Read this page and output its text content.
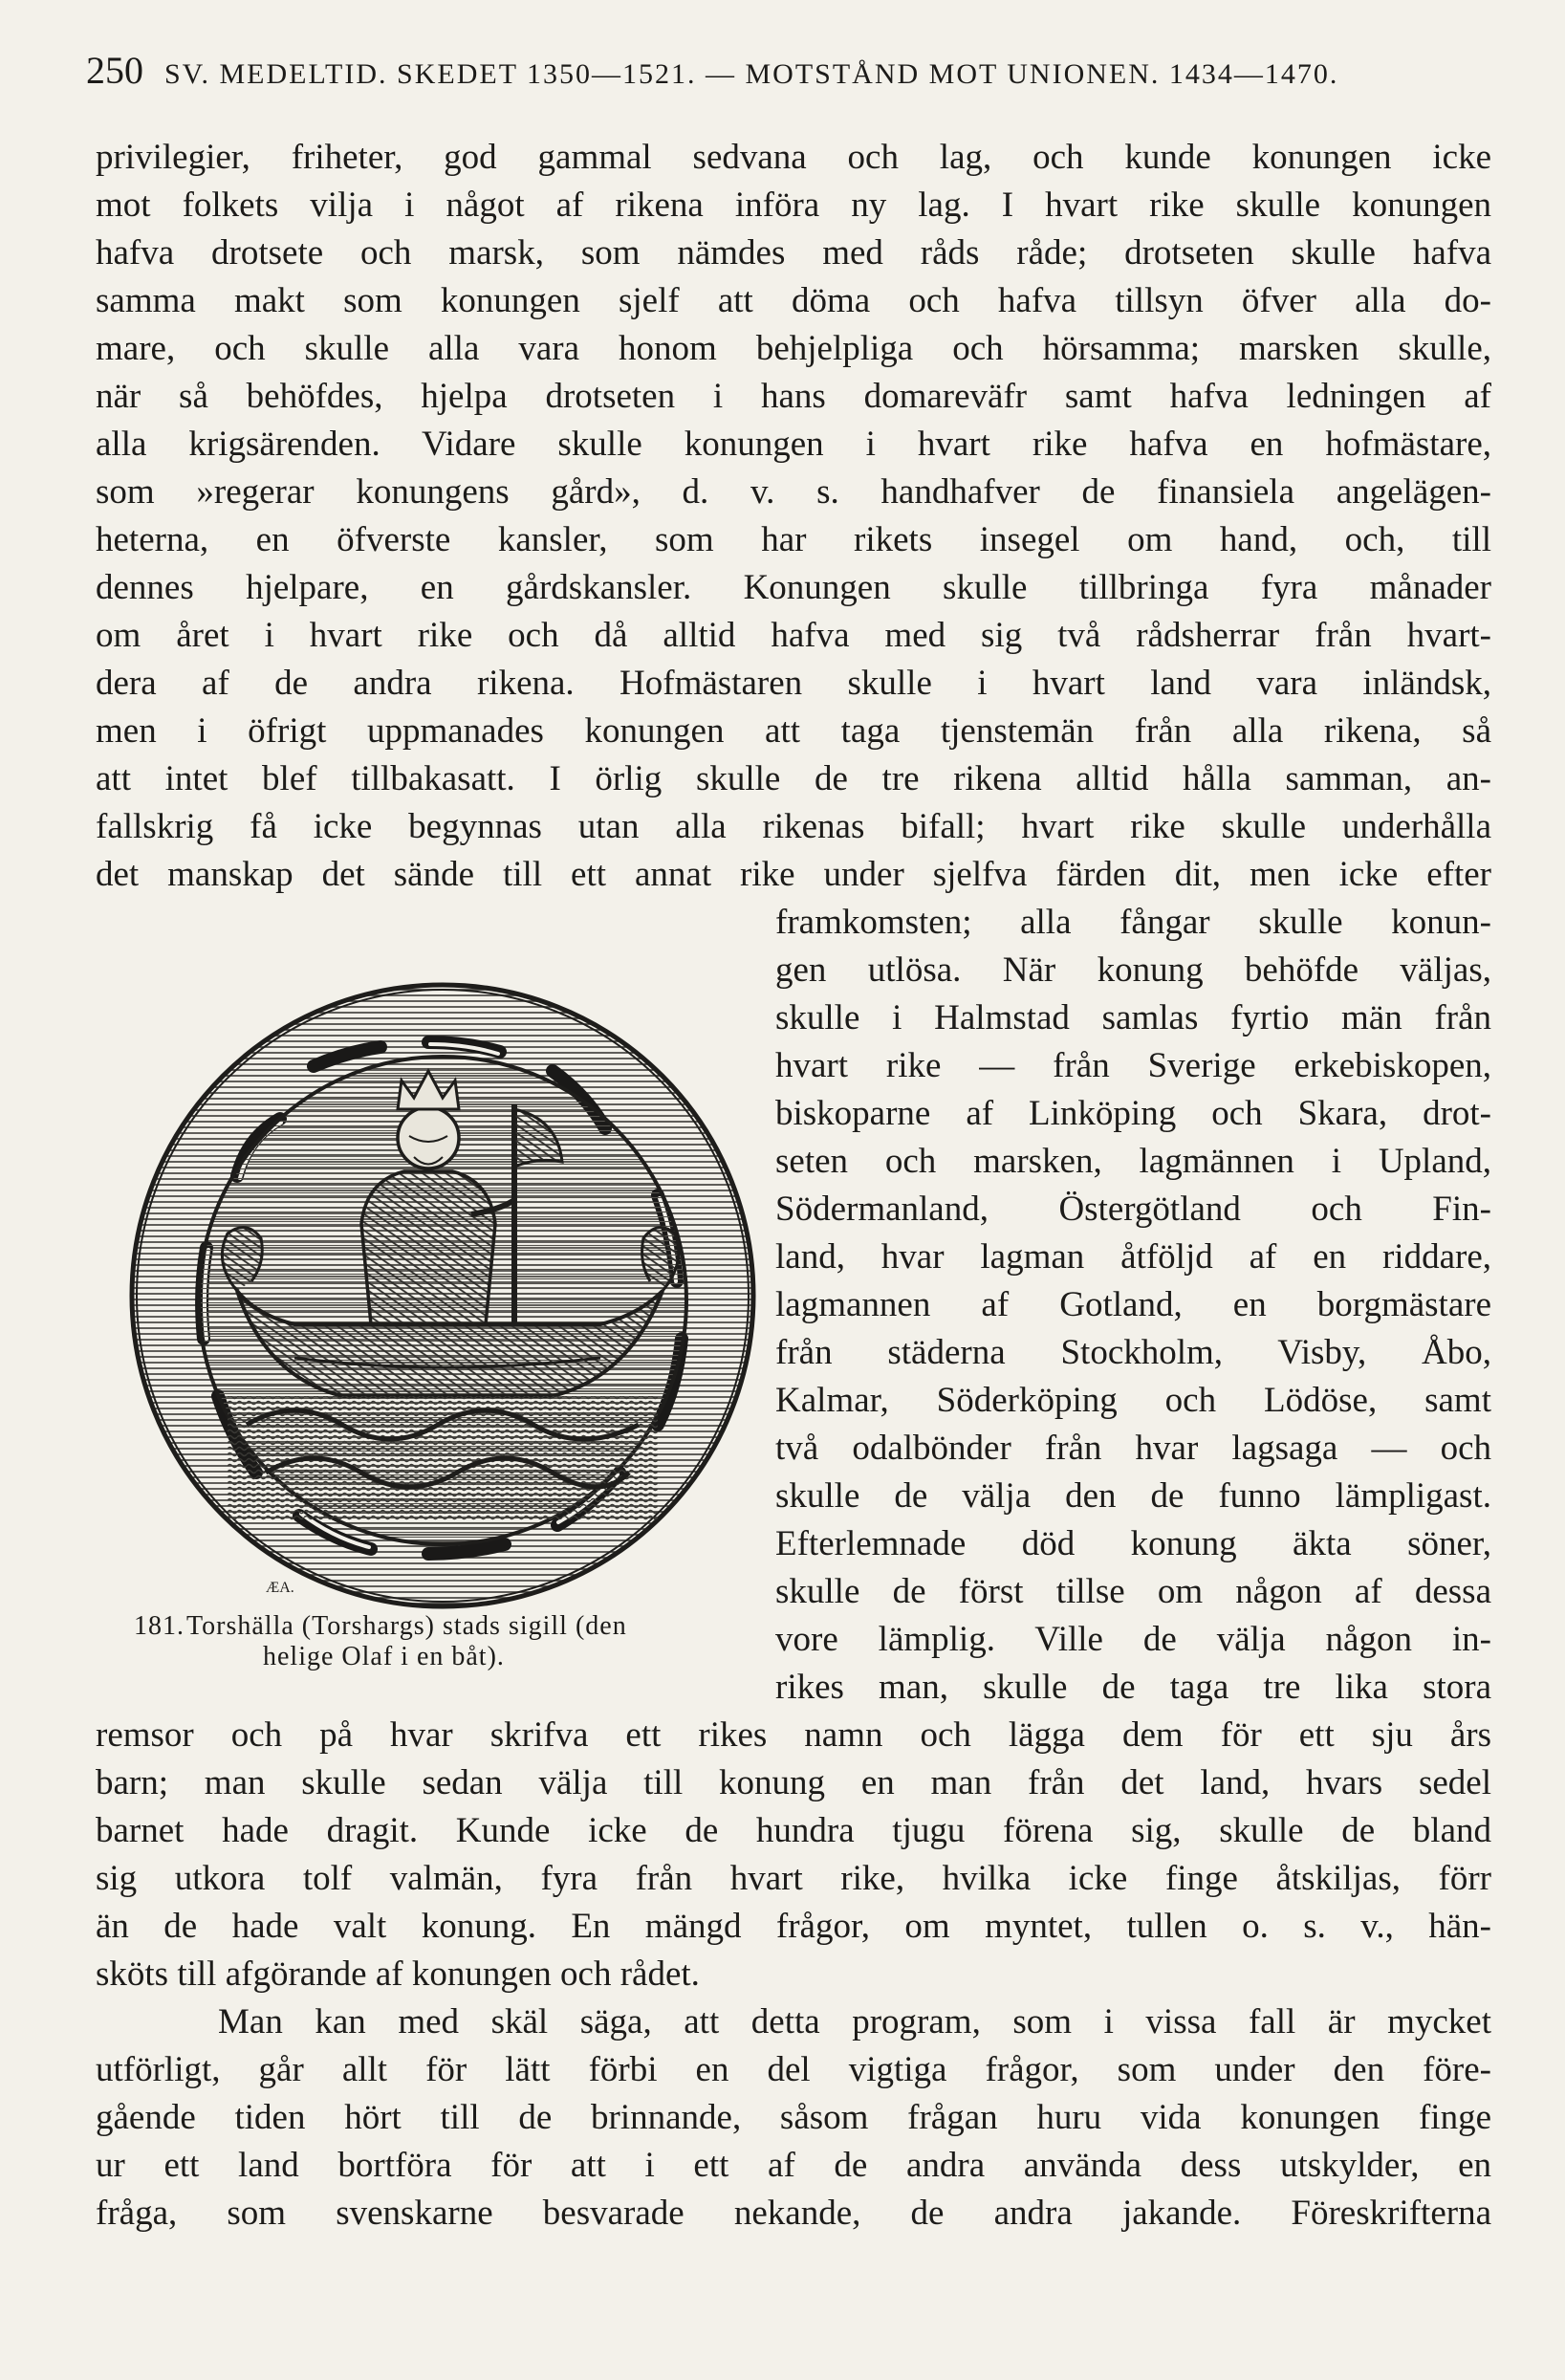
250 SV. MEDELTID. SKEDET 1350—1521. — MOTSTÅND MOT UNIONEN. 1434—1470.
privilegier, friheter, god gammal sedvana och lag, och kunde konungen icke
mot folkets vilja i något af rikena införa ny lag. I hvart rike skulle konungen
hafva drotsete och marsk, som nämdes med råds råde; drotseten skulle hafva
samma makt som konungen sjelf att döma och hafva tillsyn öfver alla do-
mare, och skulle alla vara honom behjelpliga och hörsamma; marsken skulle,
när så behöfdes, hjelpa drotseten i hans domareväfr samt hafva ledningen af
alla krigsärenden. Vidare skulle konungen i hvart rike hafva en hofmästare,
som »regerar konungens gård», d. v. s. handhafver de finansiela angelägen-
heterna, en öfverste kansler, som har rikets insegel om hand, och, till
dennes hjelpare, en gårdskansler. Konungen skulle tillbringa fyra månader
om året i hvart rike och då alltid hafva med sig två rådsherrar från hvart-
dera af de andra rikena. Hofmästaren skulle i hvart land vara inländsk,
men i öfrigt uppmanades konungen att taga tjenstemän från alla rikena, så
att intet blef tillbakasatt. I örlig skulle de tre rikena alltid hålla samman, an-
fallskrig få icke begynnas utan alla rikenas bifall; hvart rike skulle underhålla
det manskap det sände till ett annat rike under sjelfva färden dit, men icke efter
framkomsten; alla fångar skulle konun-
gen utlösa. När konung behöfde väljas,
skulle i Halmstad samlas fyrtio män från
hvart rike — från Sverige erkebiskopen,
biskoparne af Linköping och Skara, drot-
seten och marsken, lagmännen i Upland,
Södermanland, Östergötland och Fin-
land, hvar lagman åtföljd af en riddare,
lagmannen af Gotland, en borgmästare
från städerna Stockholm, Visby, Åbo,
Kalmar, Söderköping och Lödöse, samt
två odalbönder från hvar lagsaga — och
skulle de välja den de funno lämpligast.
Efterlemnade död konung äkta söner,
skulle de först tillse om någon af dessa
vore lämplig. Ville de välja någon in-
rikes man, skulle de taga tre lika stora
remsor och på hvar skrifva ett rikes namn och lägga dem för ett sju års
barn; man skulle sedan välja till konung en man från det land, hvars sedel
barnet hade dragit. Kunde icke de hundra tjugu förena sig, skulle de bland
sig utkora tolf valmän, fyra från hvart rike, hvilka icke finge åtskiljas, förr
än de hade valt konung. En mängd frågor, om myntet, tullen o. s. v., hän-
sköts till afgörande af konungen och rådet.
Man kan med skäl säga, att detta program, som i vissa fall är mycket
utförligt, går allt för lätt förbi en del vigtiga frågor, som under den före-
gående tiden hört till de brinnande, såsom frågan huru vida konungen finge
ur ett land bortföra för att i ett af de andra använda dess utskylder, en
fråga, som svenskarne besvarade nekande, de andra jakande. Föreskrifterna
ÆA.
181. Torshälla (Torshargs) stads sigill (den
helige Olaf i en båt).
